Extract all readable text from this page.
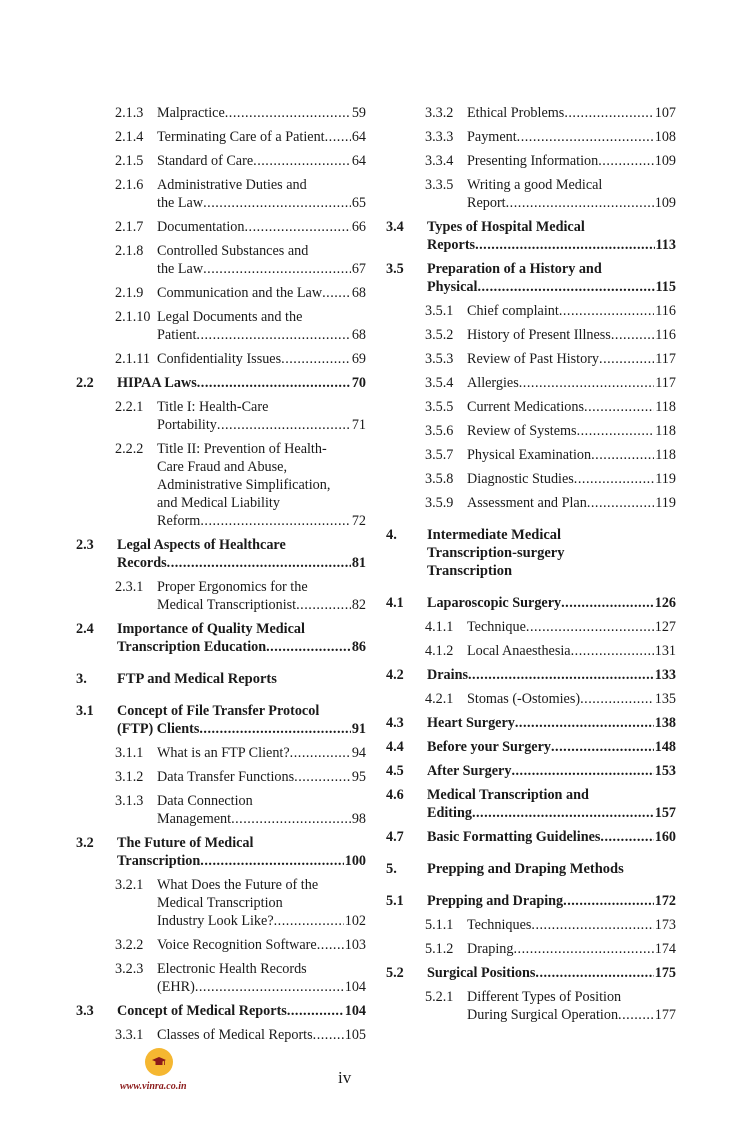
2.1.3 Malpractice .....	59
2.1.4 Terminating Care of a Patient ..... 64
2.1.5 Standard of Care .....	64
2.1.6 Administrative Duties and
the Law .....	65
2.1.7 Documentation .....	66
2.1.8 Controlled Substances and
the Law .....	67
2.1.9 Communication and the Law ..... 68
2.1.10 Legal Documents and the
Patient .....	68
2.1.11 Confidentiality Issues .....	69
2.2	HIPAA Laws .....	70
2.2.1 Title I: Health-Care
Portability .....	71
2.2.2 Title II: Prevention of Health-
Care Fraud and Abuse,
Administrative Simplification,
and Medical Liability
Reform .....	72
2.3	Legal Aspects of Healthcare
Records .....	81
2.3.1 Proper Ergonomics for the
Medical Transcriptionist .....	82
2.4	Importance of Quality Medical
Transcription Education .....	86
3.	FTP and Medical Reports
3.1	Concept of File Transfer Protocol
(FTP) Clients .....	91
3.1.1 What is an FTP Client? .....	94
3.1.2 Data Transfer Functions .....	95
3.1.3 Data Connection
Management .....	98
3.2	The Future of Medical
Transcription .....	100
3.2.1 What Does the Future of the
Medical Transcription
Industry Look Like? .....	102
3.2.2 Voice Recognition Software ..... 103
3.2.3 Electronic Health Records
(EHR) .....	104
3.3	Concept of Medical Reports .....	104
3.3.1 Classes of Medical Reports ..... 105
3.3.2 Ethical Problems .....	107
3.3.3 Payment .....	108
3.3.4 Presenting Information .....	109
3.3.5 Writing a good Medical
Report .....	109
3.4	Types of Hospital Medical
Reports .....	113
3.5	Preparation of a History and
Physical .....	115
3.5.1 Chief complaint .....	116
3.5.2 History of Present Illness .....	116
3.5.3 Review of Past History .....	117
3.5.4 Allergies .....	117
3.5.5 Current Medications .....	118
3.5.6 Review of Systems .....	118
3.5.7 Physical Examination .....	118
3.5.8 Diagnostic Studies .....	119
3.5.9 Assessment and Plan .....	119
4.	Intermediate Medical
Transcription-surgery
Transcription
4.1	Laparoscopic Surgery .....	126
4.1.1 Technique .....	127
4.1.2 Local Anaesthesia .....	131
4.2	Drains .....	133
4.2.1 Stomas (-Ostomies) .....	135
4.3	Heart Surgery .....	138
4.4	Before your Surgery .....	148
4.5	After Surgery .....	153
4.6	Medical Transcription and
Editing .....	157
4.7	Basic Formatting Guidelines .....	160
5.	Prepping and Draping Methods
5.1	Prepping and Draping .....	172
5.1.1 Techniques .....	173
5.1.2 Draping .....	174
5.2	Surgical Positions .....	175
5.2.1 Different Types of Position
During Surgical Operation .....	177
www.vinra.co.in	iv
